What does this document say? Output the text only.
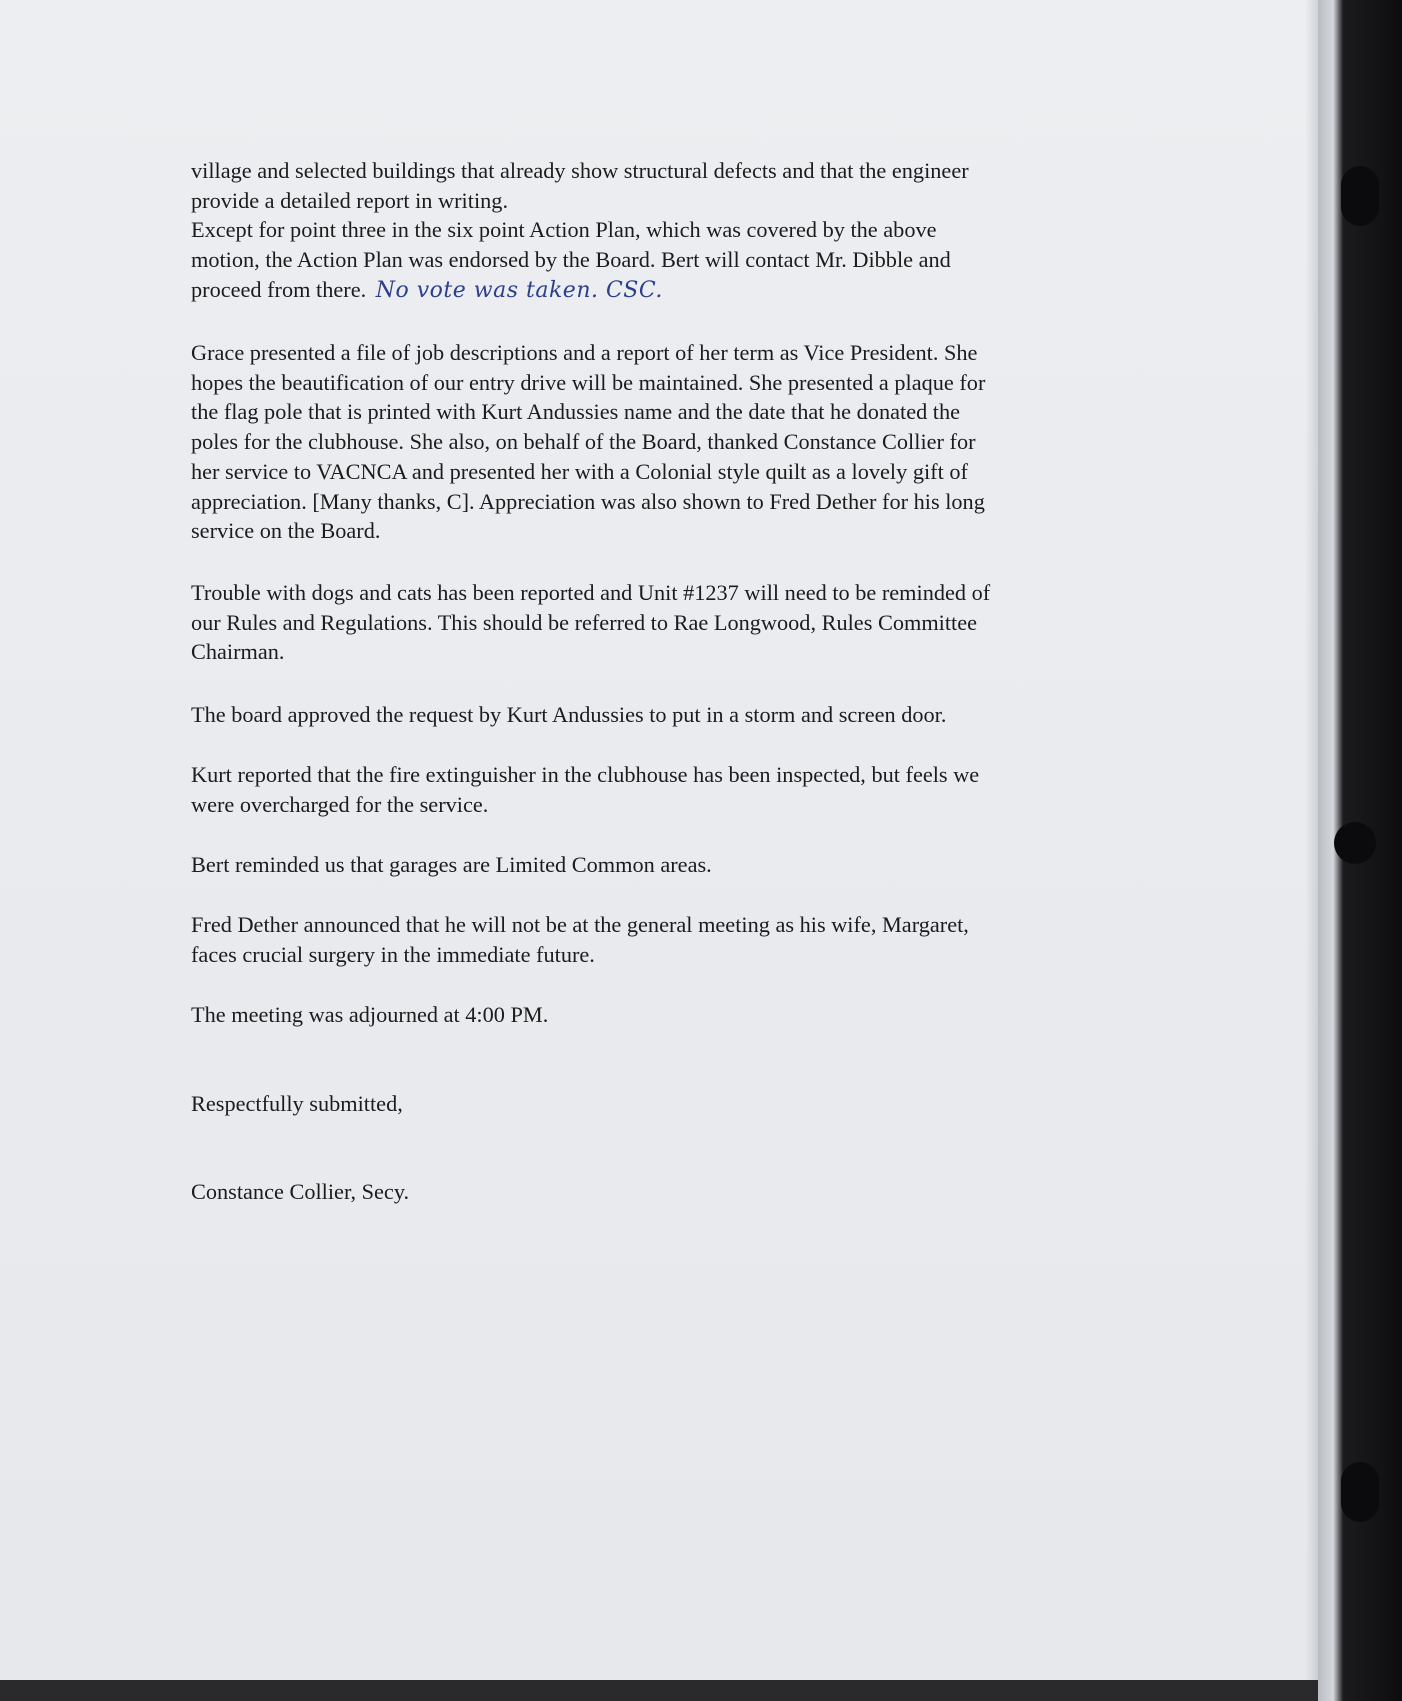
village and selected buildings that already show structural defects and that the engineer
provide a detailed report in writing.
Except for point three in the six point Action Plan, which was covered by the above
motion, the Action Plan was endorsed by the Board. Bert will contact Mr. Dibble and
proceed from there. No vote was taken. CSC.
Grace presented a file of job descriptions and a report of her term as Vice President. She
hopes the beautification of our entry drive will be maintained. She presented a plaque for
the flag pole that is printed with Kurt Andussies name and the date that he donated the
poles for the clubhouse. She also, on behalf of the Board, thanked Constance Collier for
her service to VACNCA and presented her with a Colonial style quilt as a lovely gift of
appreciation. [Many thanks, C]. Appreciation was also shown to Fred Dether for his long
service on the Board.
Trouble with dogs and cats has been reported and Unit #1237 will need to be reminded of
our Rules and Regulations. This should be referred to Rae Longwood, Rules Committee
Chairman.
The board approved the request by Kurt Andussies to put in a storm and screen door.
Kurt reported that the fire extinguisher in the clubhouse has been inspected, but feels we
were overcharged for the service.
Bert reminded us that garages are Limited Common areas.
Fred Dether announced that he will not be at the general meeting as his wife, Margaret,
faces crucial surgery in the immediate future.
The meeting was adjourned at 4:00 PM.
Respectfully submitted,
Constance Collier, Secy.
